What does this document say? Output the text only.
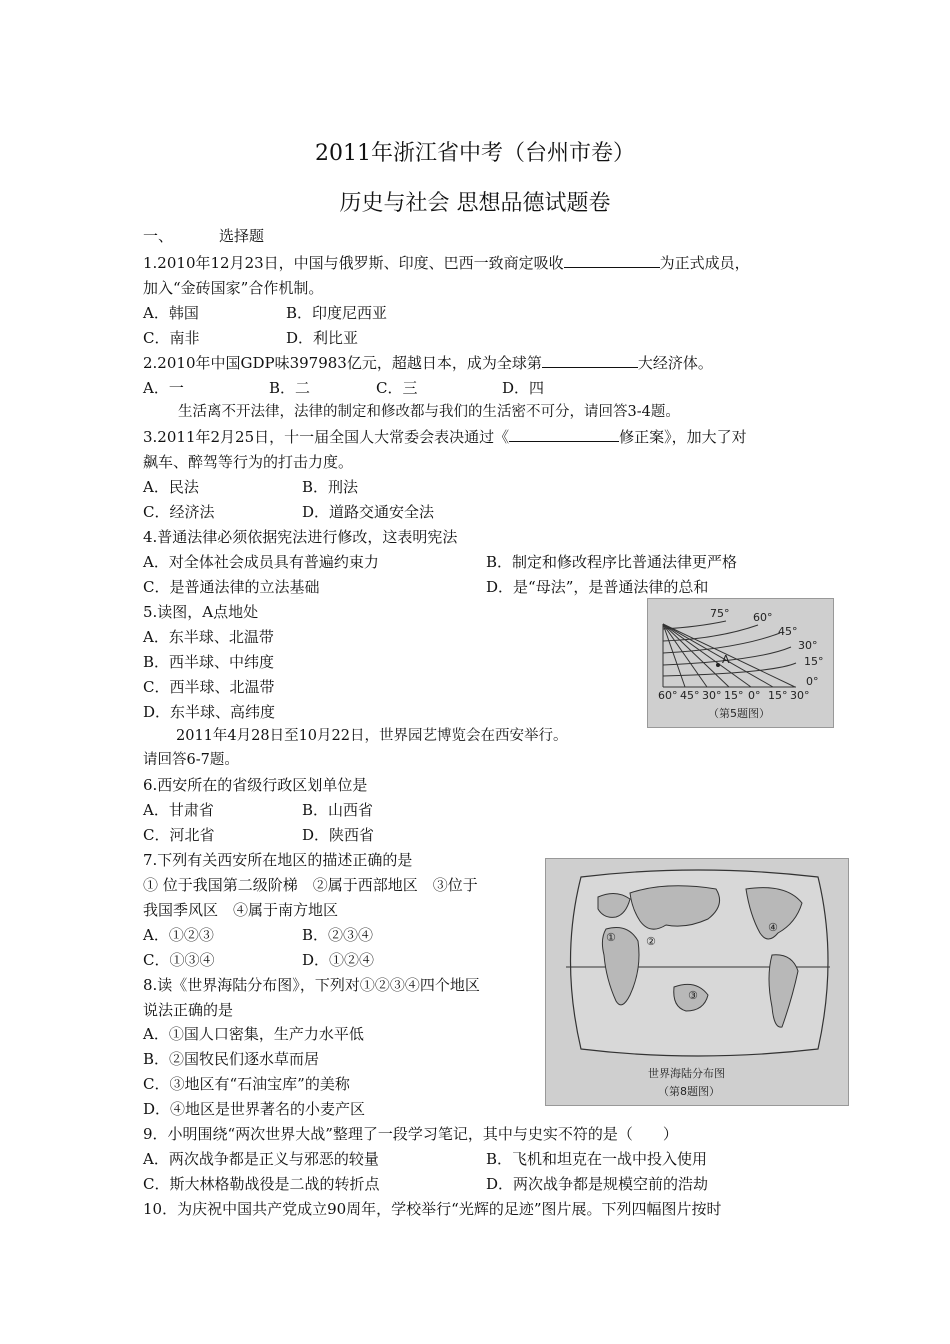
2011年浙江省中考（台州市卷）
历史与社会 思想品德试题卷
一、	选择题
1.2010年12月23日，中国与俄罗斯、印度、巴西一致商定吸收	为正式成员，
加入“金砖国家”合作机制。
A．韩国	B．印度尼西亚
C．南非	D．利比亚
2.2010年中国GDP味397983亿元，超越日本，成为全球第	大经济体。
A．一	B．二	C．三	D．四
生活离不开法律，法律的制定和修改都与我们的生活密不可分，请回答3-4题。
3.2011年2月25日，十一届全国人大常委会表决通过《	修正案》，加大了对
飙车、醉驾等行为的打击力度。
A．民法	B．刑法
C．经济法	D．道路交通安全法
4.普通法律必须依据宪法进行修改，这表明宪法
A．对全体社会成员具有普遍约束力	B．制定和修改程序比普通法律更严格
C．是普通法律的立法基础	D．是“母法”，是普通法律的总和
5.读图，A点地处
A．东半球、北温带
B．西半球、中纬度
C．西半球、北温带
D．东半球、高纬度
A
75° 60°
45°
30°
15°
0°
60° 45° 30° 15° 0° 15° 30°
（第5题图）
2011年4月28日至10月22日，世界园艺博览会在西安举行。
请回答6-7题。
6.西安所在的省级行政区划单位是
A．甘肃省	B．山西省
C．河北省	D．陕西省
7.下列有关西安所在地区的描述正确的是
① 位于我国第二级阶梯　②属于西部地区　③位于
我国季风区　④属于南方地区
A．①②③	B．②③④
C．①③④	D．①②④
8.读《世界海陆分布图》，下列对①②③④四个地区
说法正确的是
A．①国人口密集，生产力水平低
B．②国牧民们逐水草而居
C．③地区有“石油宝库”的美称
D．④地区是世界著名的小麦产区
①	②
③
④
世界海陆分布图
（第8题图）
9．小明围绕“两次世界大战”整理了一段学习笔记，其中与史实不符的是（　　）
A．两次战争都是正义与邪恶的较量	B．飞机和坦克在一战中投入使用
C．斯大林格勒战役是二战的转折点	D．两次战争都是规模空前的浩劫
10．为庆祝中国共产党成立90周年，学校举行“光辉的足迹”图片展。下列四幅图片按时
